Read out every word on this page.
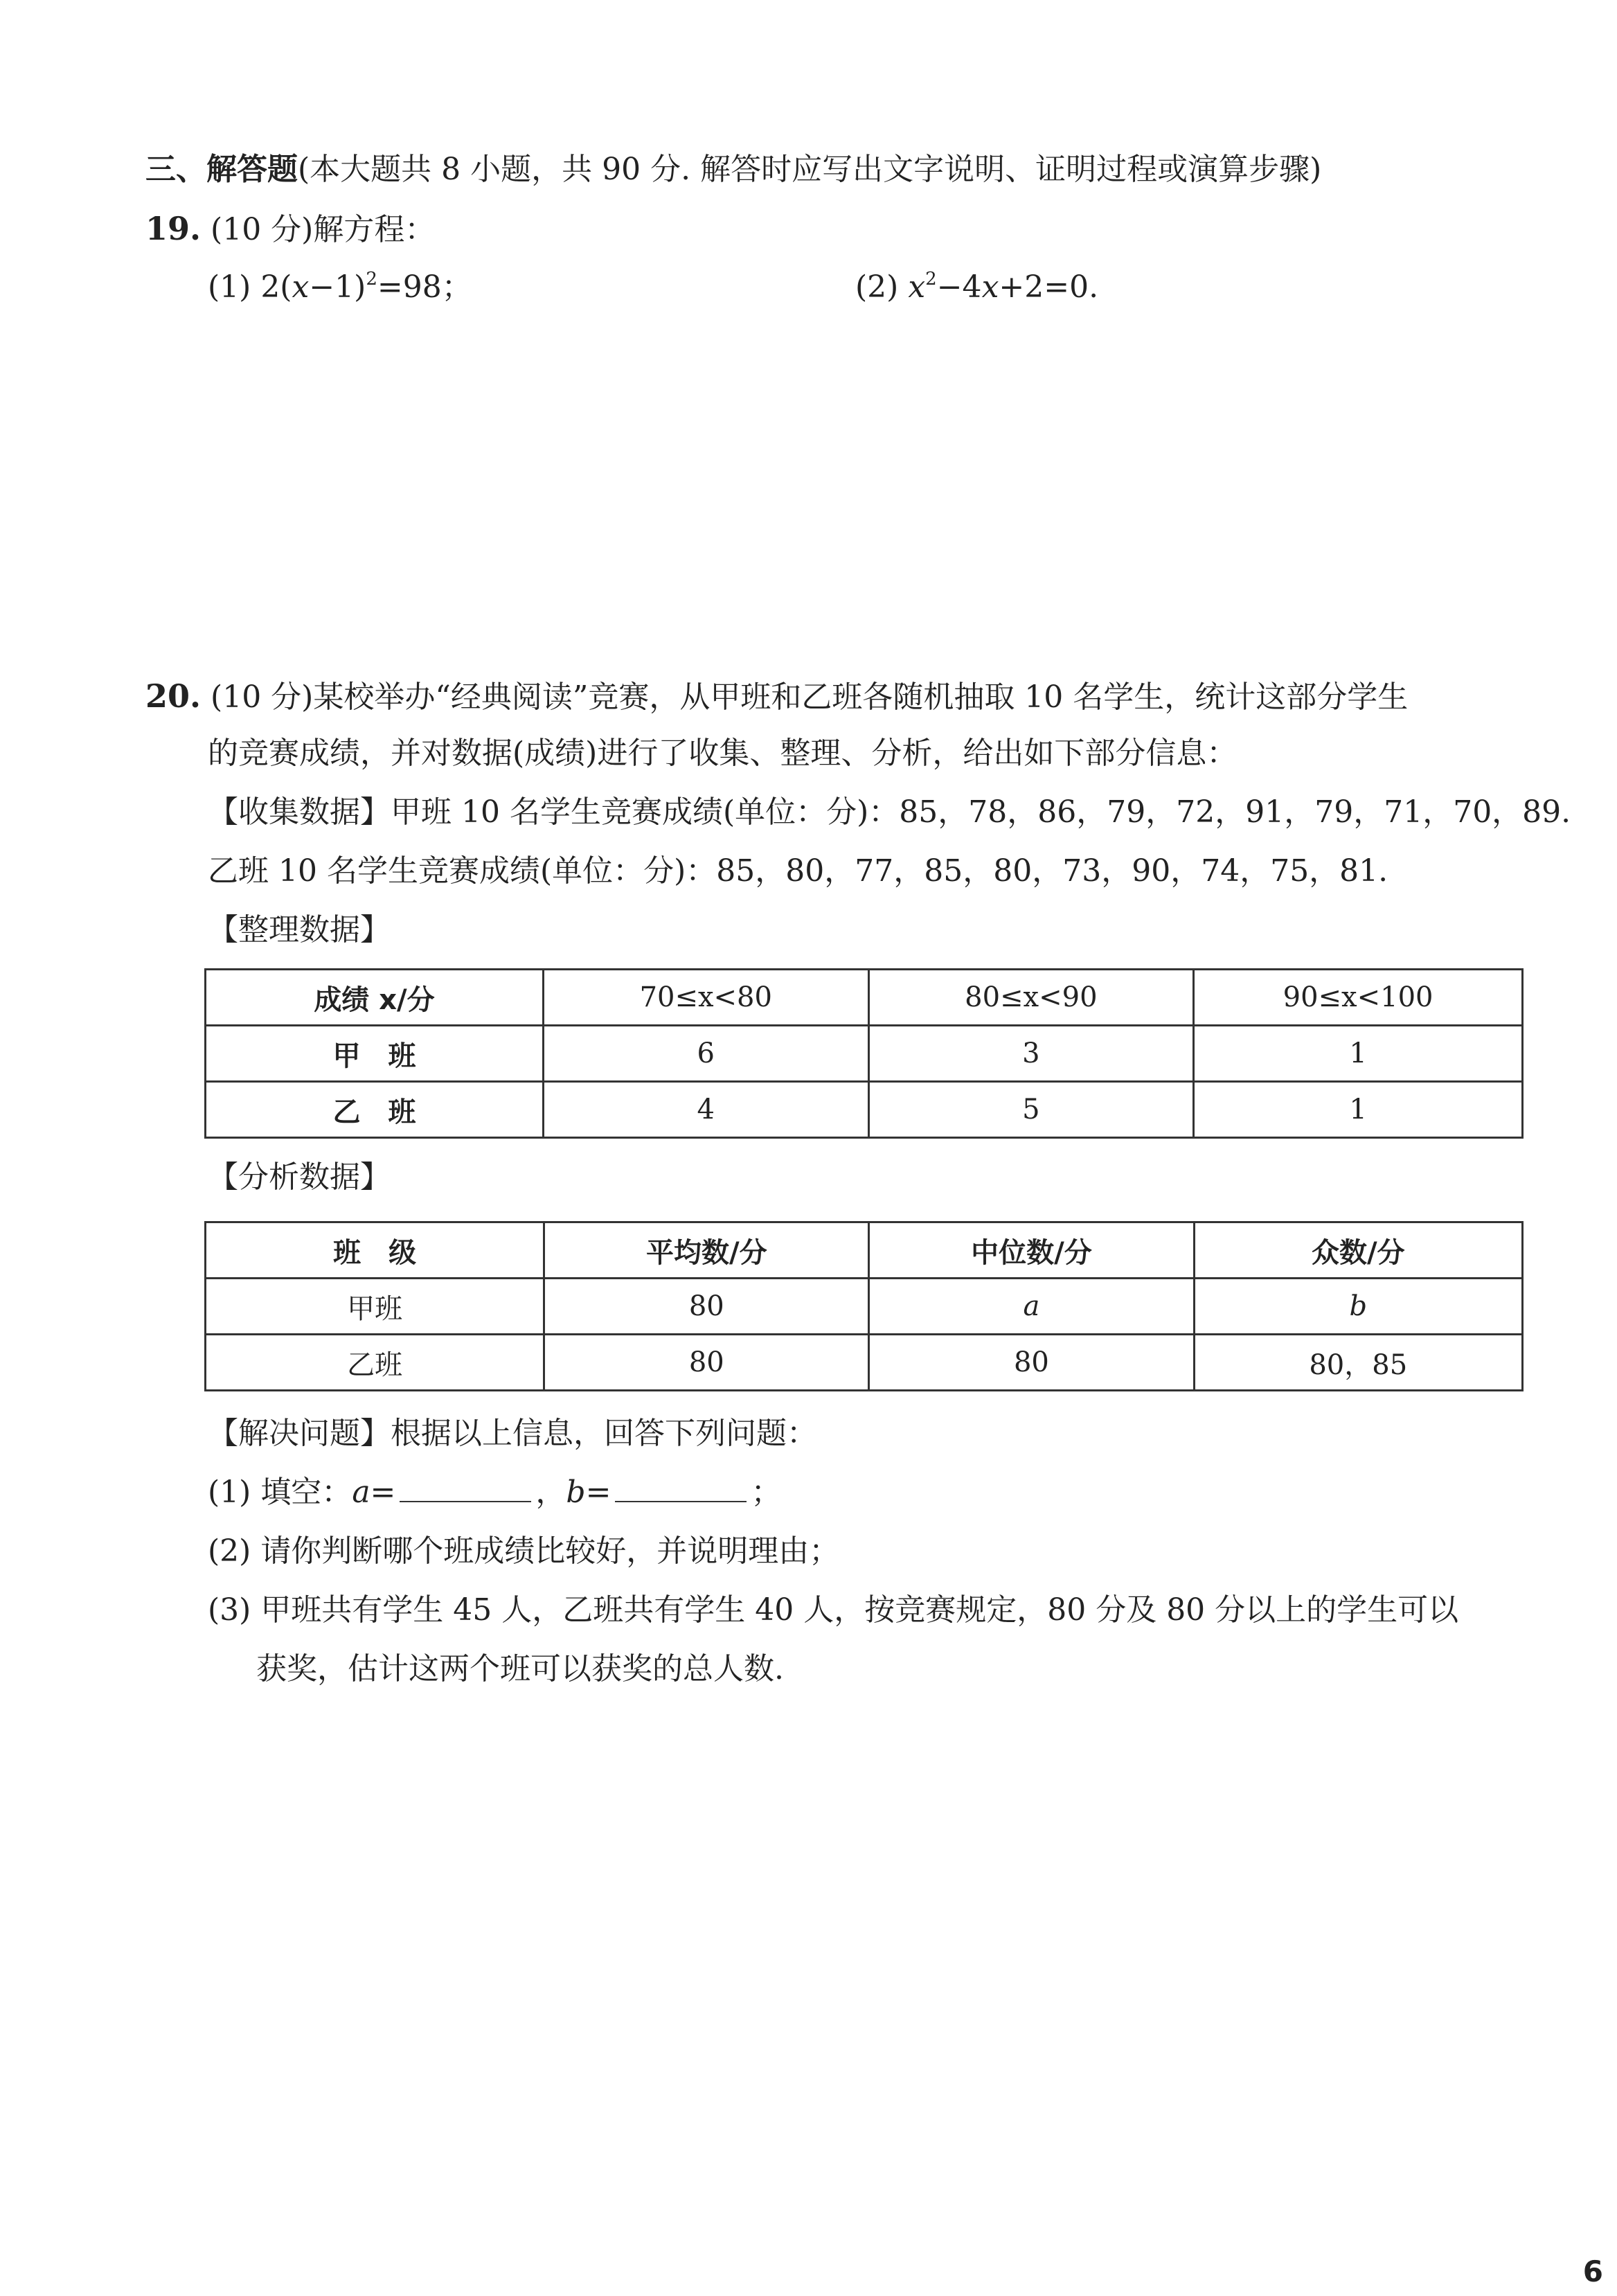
三、解答题(本大题共 8 小题，共 90 分. 解答时应写出文字说明、证明过程或演算步骤)
19. (10 分)解方程：
(1) $2(x-1)^2=98$；	(2) $x^2-4x+2=0$.
20. (10 分)某校举办“经典阅读”竞赛，从甲班和乙班各随机抽取 10 名学生，统计这部分学生
的竞赛成绩，并对数据(成绩)进行了收集、整理、分析，给出如下部分信息：
【收集数据】甲班 10 名学生竞赛成绩(单位：分)：85，78，86，79，72，91，79，71，70，89.
乙班 10 名学生竞赛成绩(单位：分)：85，80，77，85，80，73，90，74，75，81.
【整理数据】
成绩 x/分	70≤x<80	80≤x<90	90≤x<100
甲　班	6	3	1
乙　班	4	5	1
【分析数据】
班　级	平均数/分	中位数/分	众数/分
甲班	80	a	b
乙班	80	80	80，85
【解决问题】根据以上信息，回答下列问题：
(1) 填空：a=	，b=	；
(2) 请你判断哪个班成绩比较好，并说明理由；
(3) 甲班共有学生 45 人，乙班共有学生 40 人，按竞赛规定，80 分及 80 分以上的学生可以
获奖，估计这两个班可以获奖的总人数.
6
